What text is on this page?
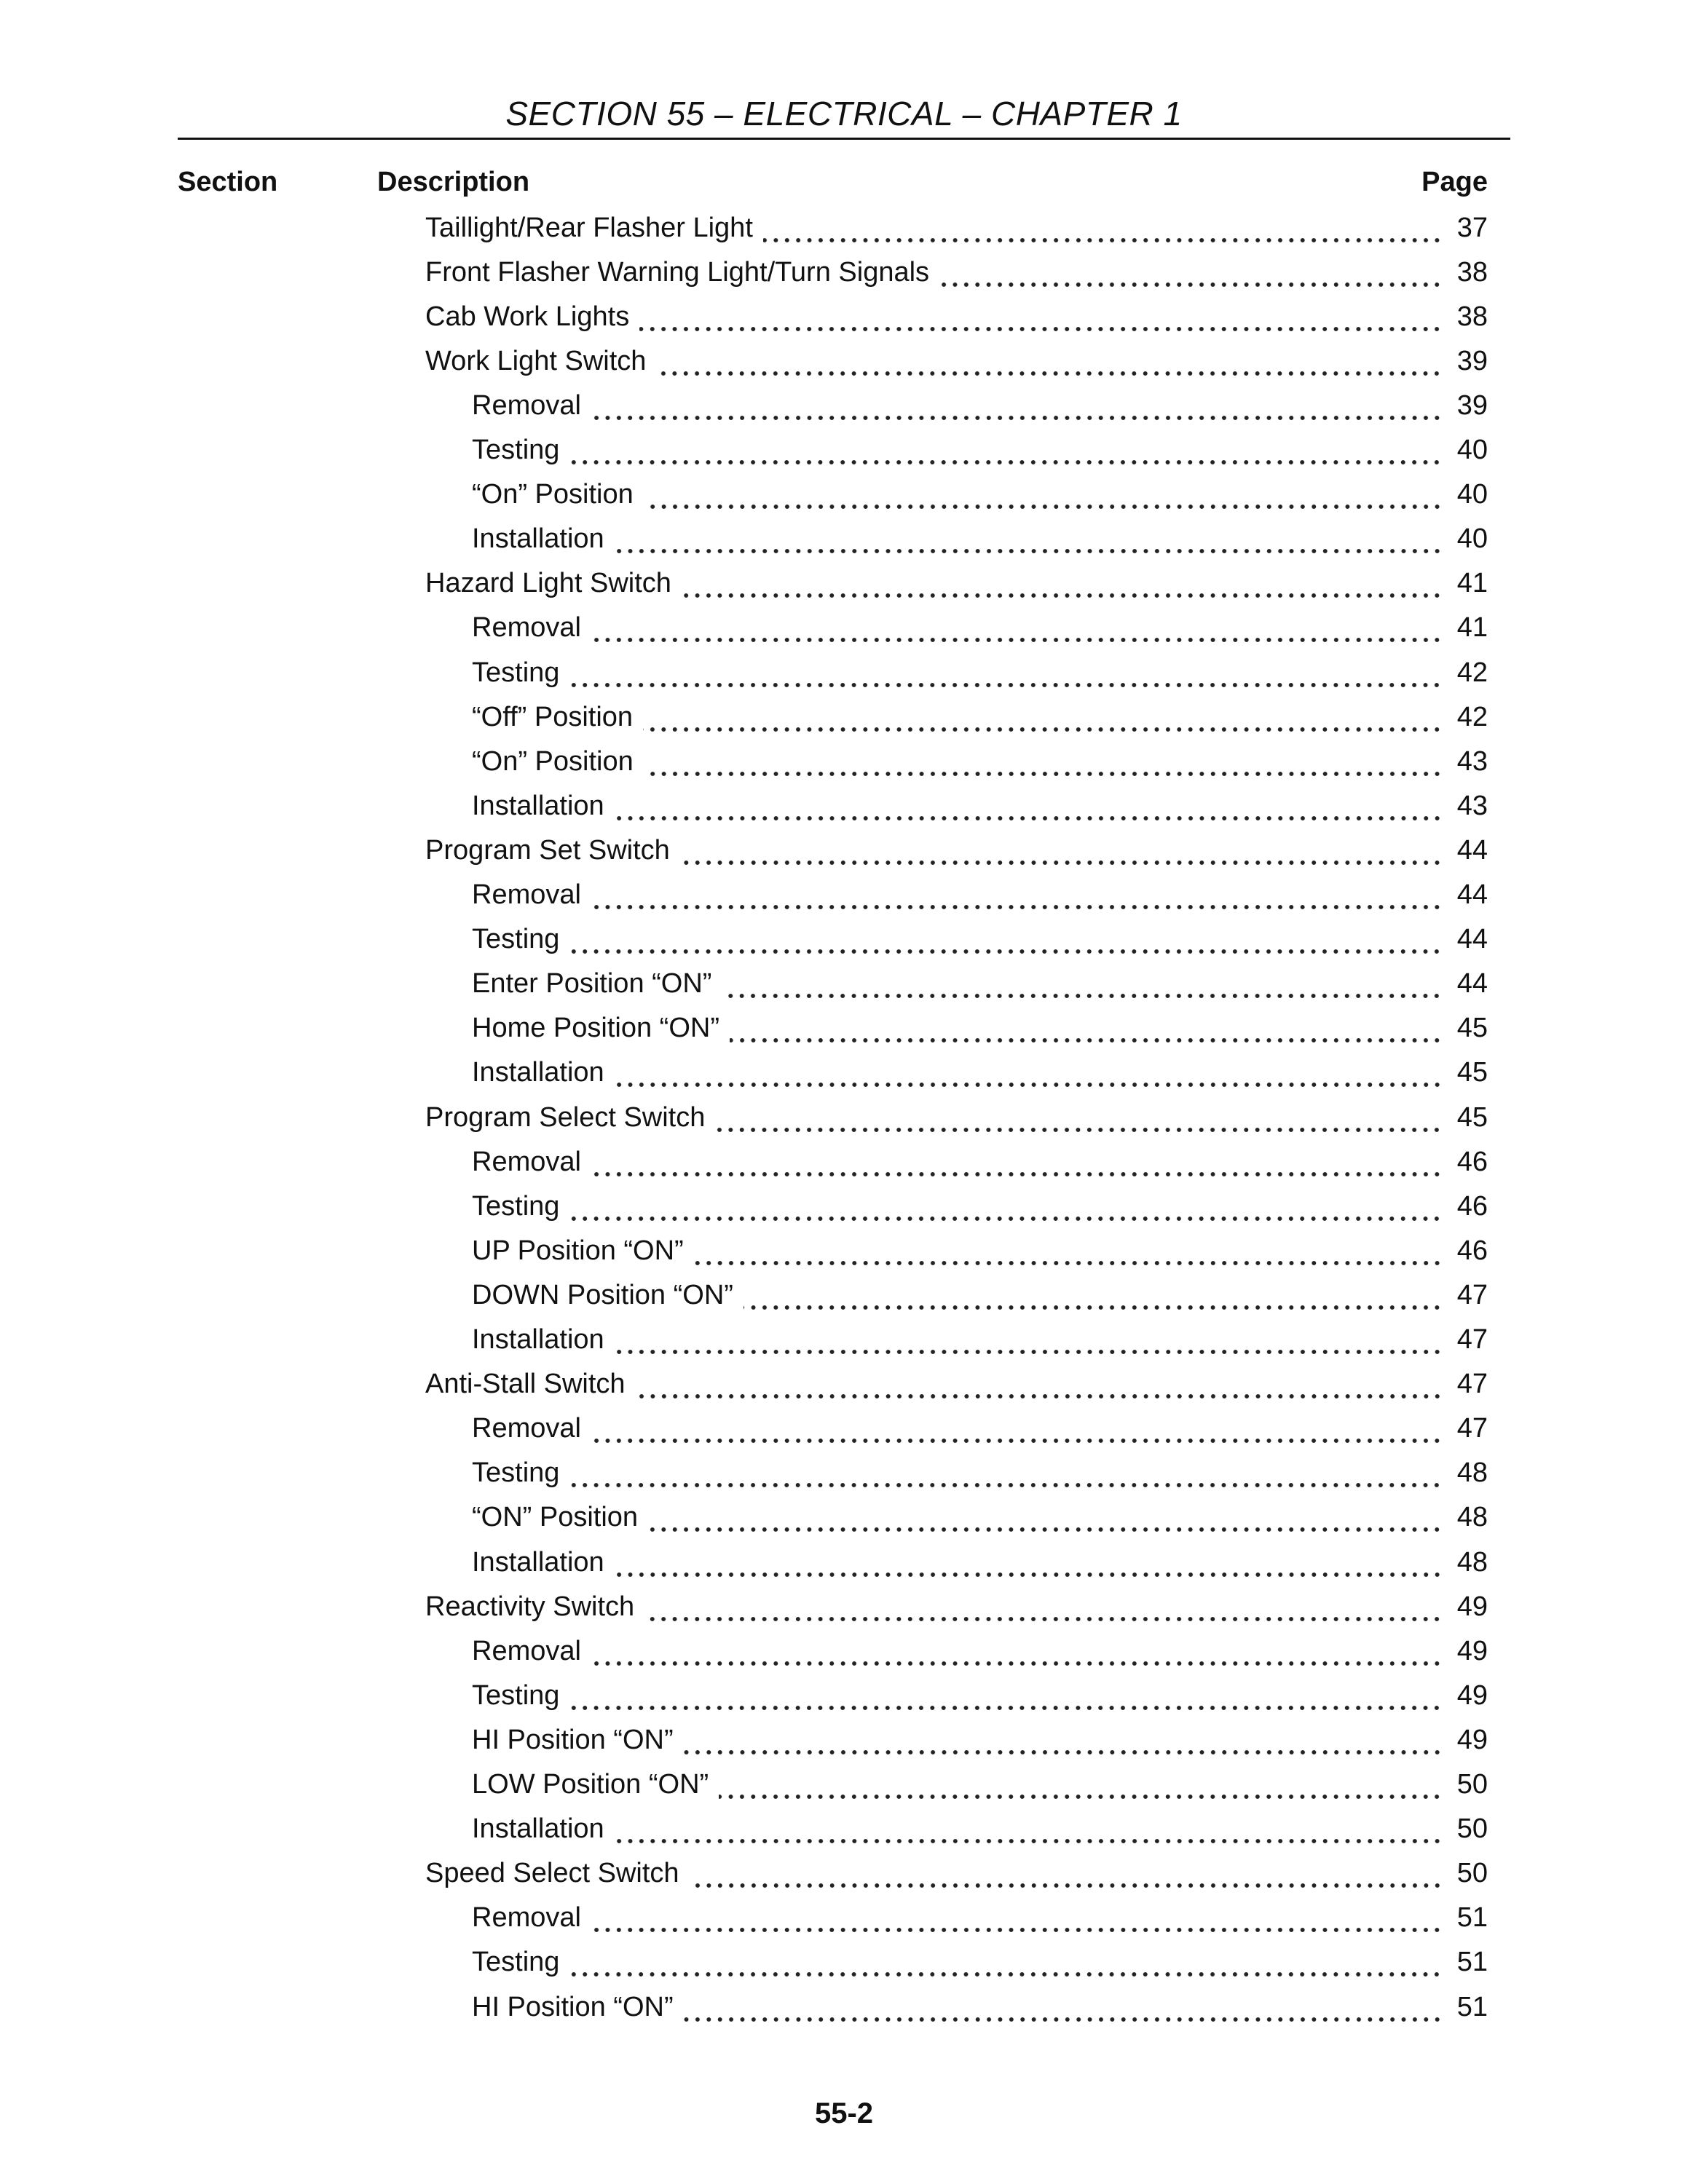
SECTION 55 – ELECTRICAL – CHAPTER 1
Section	Description	Page
Taillight/Rear Flasher Light	37
Front Flasher Warning Light/Turn Signals	38
Cab Work Lights	38
Work Light Switch	39
Removal	39
Testing	40
“On” Position	40
Installation	40
Hazard Light Switch	41
Removal	41
Testing	42
“Off” Position	42
“On” Position	43
Installation	43
Program Set Switch	44
Removal	44
Testing	44
Enter Position “ON”	44
Home Position “ON”	45
Installation	45
Program Select Switch	45
Removal	46
Testing	46
UP Position “ON”	46
DOWN Position “ON”	47
Installation	47
Anti-Stall Switch	47
Removal	47
Testing	48
“ON” Position	48
Installation	48
Reactivity Switch	49
Removal	49
Testing	49
HI Position “ON”	49
LOW Position “ON”	50
Installation	50
Speed Select Switch	50
Removal	51
Testing	51
HI Position “ON”	51
55-2
